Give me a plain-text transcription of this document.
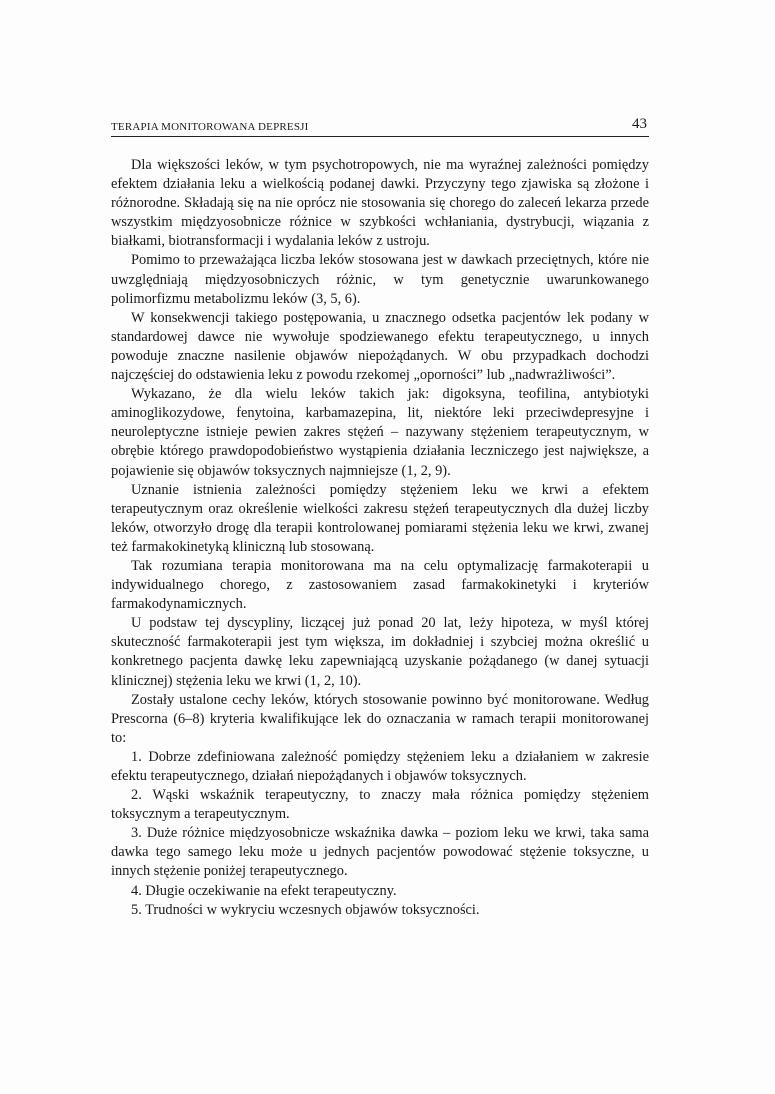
TERAPIA MONITOROWANA DEPRESJI	43

Dla większości leków, w tym psychotropowych, nie ma wyraźnej zależności pomiędzy efektem działania leku a wielkością podanej dawki. Przyczyny tego zjawiska są złożone i różnorodne. Składają się na nie oprócz nie stosowania się chorego do zaleceń lekarza przede wszystkim międzyosobnicze różnice w szybkości wchłaniania, dystrybucji, wiązania z białkami, biotransformacji i wydalania leków z ustroju.

Pomimo to przeważająca liczba leków stosowana jest w dawkach przeciętnych, które nie uwzględniają międzyosobniczych różnic, w tym genetycznie uwarunkowanego polimorfizmu metabolizmu leków (3, 5, 6).

W konsekwencji takiego postępowania, u znacznego odsetka pacjentów lek podany w standardowej dawce nie wywołuje spodziewanego efektu terapeutycznego, u innych powoduje znaczne nasilenie objawów niepożądanych. W obu przypadkach dochodzi najczęściej do odstawienia leku z powodu rzekomej „oporności” lub „nadwrażliwości”.

Wykazano, że dla wielu leków takich jak: digoksyna, teofilina, antybiotyki aminoglikozydowe, fenytoina, karbamazepina, lit, niektóre leki przeciwdepresyjne i neuroleptyczne istnieje pewien zakres stężeń – nazywany stężeniem terapeutycznym, w obrębie którego prawdopodobieństwo wystąpienia działania leczniczego jest największe, a pojawienie się objawów toksycznych najmniejsze (1, 2, 9).

Uznanie istnienia zależności pomiędzy stężeniem leku we krwi a efektem terapeutycznym oraz określenie wielkości zakresu stężeń terapeutycznych dla dużej liczby leków, otworzyło drogę dla terapii kontrolowanej pomiarami stężenia leku we krwi, zwanej też farmakokinetyką kliniczną lub stosowaną.

Tak rozumiana terapia monitorowana ma na celu optymalizację farmakoterapii u indywidualnego chorego, z zastosowaniem zasad farmakokinetyki i kryteriów farmakodynamicznych.

U podstaw tej dyscypliny, liczącej już ponad 20 lat, leży hipoteza, w myśl której skuteczność farmakoterapii jest tym większa, im dokładniej i szybciej można określić u konkretnego pacjenta dawkę leku zapewniającą uzyskanie pożądanego (w danej sytuacji klinicznej) stężenia leku we krwi (1, 2, 10).

Zostały ustalone cechy leków, których stosowanie powinno być monitorowane. Według Prescorna (6–8) kryteria kwalifikujące lek do oznaczania w ramach terapii monitorowanej to:

1. Dobrze zdefiniowana zależność pomiędzy stężeniem leku a działaniem w zakresie efektu terapeutycznego, działań niepożądanych i objawów toksycznych.

2. Wąski wskaźnik terapeutyczny, to znaczy mała różnica pomiędzy stężeniem toksycznym a terapeutycznym.

3. Duże różnice międzyosobnicze wskaźnika dawka – poziom leku we krwi, taka sama dawka tego samego leku może u jednych pacjentów powodować stężenie toksyczne, u innych stężenie poniżej terapeutycznego.

4. Długie oczekiwanie na efekt terapeutyczny.

5. Trudności w wykryciu wczesnych objawów toksyczności.
